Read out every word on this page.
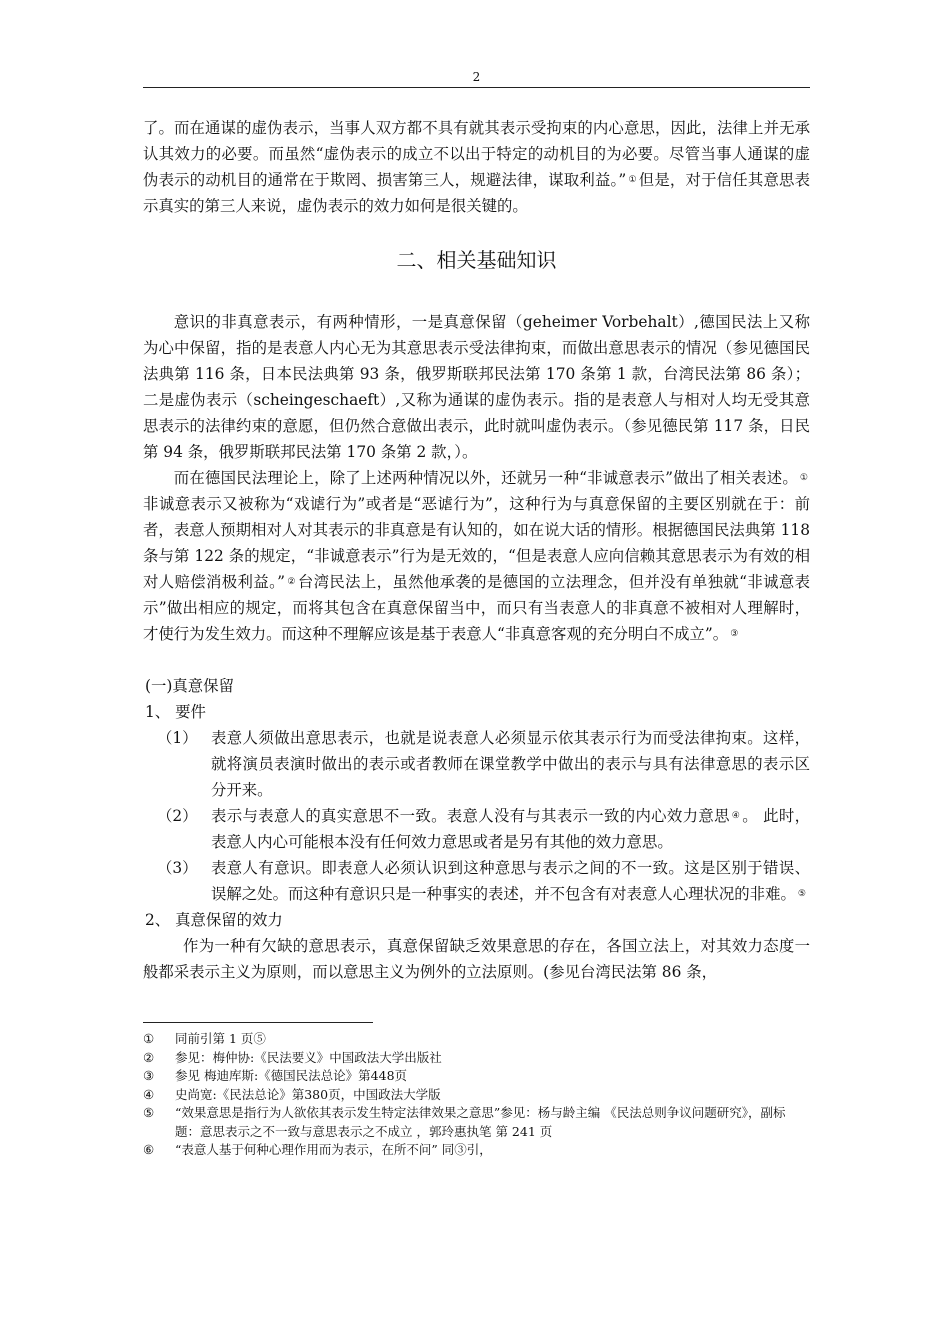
2

了。而在通谋的虚伪表示，当事人双方都不具有就其表示受拘束的内心意思，因此，法律上并无承认其效力的必要。而虽然“虚伪表示的成立不以出于特定的动机目的为必要。尽管当事人通谋的虚伪表示的动机目的通常在于欺罔、损害第三人，规避法律，谋取利益。” ① 但是，对于信任其意思表示真实的第三人来说，虚伪表示的效力如何是很关键的。

二、相关基础知识

意识的非真意表示，有两种情形，一是真意保留（geheimer Vorbehalt）,德国民法上又称为心中保留，指的是表意人内心无为其意思表示受法律拘束，而做出意思表示的情况（参见德国民法典第 116 条，日本民法典第 93 条，俄罗斯联邦民法第 170 条第 1 款，台湾民法第 86 条）；二是虚伪表示（scheingeschaeft）,又称为通谋的虚伪表示。指的是表意人与相对人均无受其意思表示的法律约束的意愿，但仍然合意做出表示，此时就叫虚伪表示。（参见德民第 117 条，日民第 94 条，俄罗斯联邦民法第 170 条第 2 款，）。

而在德国民法理论上，除了上述两种情况以外，还就另一种“非诚意表示”做出了相关表述。 ① 非诚意表示又被称为“戏谑行为”或者是“恶谑行为”，这种行为与真意保留的主要区别就在于：前者，表意人预期相对人对其表示的非真意是有认知的，如在说大话的情形。根据德国民法典第 118 条与第 122 条的规定，“非诚意表示”行为是无效的，“但是表意人应向信赖其意思表示为有效的相对人赔偿消极利益。” ② 台湾民法上，虽然他承袭的是德国的立法理念，但并没有单独就“非诚意表示”做出相应的规定，而将其包含在真意保留当中，而只有当表意人的非真意不被相对人理解时，才使行为发生效力。而这种不理解应该是基于表意人“非真意客观的充分明白不成立”。 ③

(一)真意保留

1、 要件

（1） 表意人须做出意思表示，也就是说表意人必须显示依其表示行为而受法律拘束。这样，就将演员表演时做出的表示或者教师在课堂教学中做出的表示与具有法律意思的表示区分开来。
（2） 表示与表意人的真实意思不一致。表意人没有与其表示一致的内心效力意思 ④ 。 此时，表意人内心可能根本没有任何效力意思或者是另有其他的效力意思。
（3） 表意人有意识。即表意人必须认识到这种意思与表示之间的不一致。这是区别于错误、误解之处。而这种有意识只是一种事实的表述，并不包含有对表意人心理状况的非难。 ⑤

2、 真意保留的效力

作为一种有欠缺的意思表示，真意保留缺乏效果意思的存在，各国立法上，对其效力态度一般都采表示主义为原则，而以意思主义为例外的立法原则。(参见台湾民法第 86 条，

①	同前引第 1 页⑤
②	参见：梅仲协:《民法要义》中国政法大学出版社
③	参见 梅迪库斯:《德国民法总论》第448页
④	史尚宽:《民法总论》第380页，中国政法大学版
⑤	“效果意思是指行为人欲依其表示发生特定法律效果之意思”参见：杨与龄主编 《民法总则争议问题研究》，副标题：意思表示之不一致与意思表示之不成立 ，郭玲惠执笔 第 241 页
⑥	“表意人基于何种心理作用而为表示，在所不问” 同③引，
